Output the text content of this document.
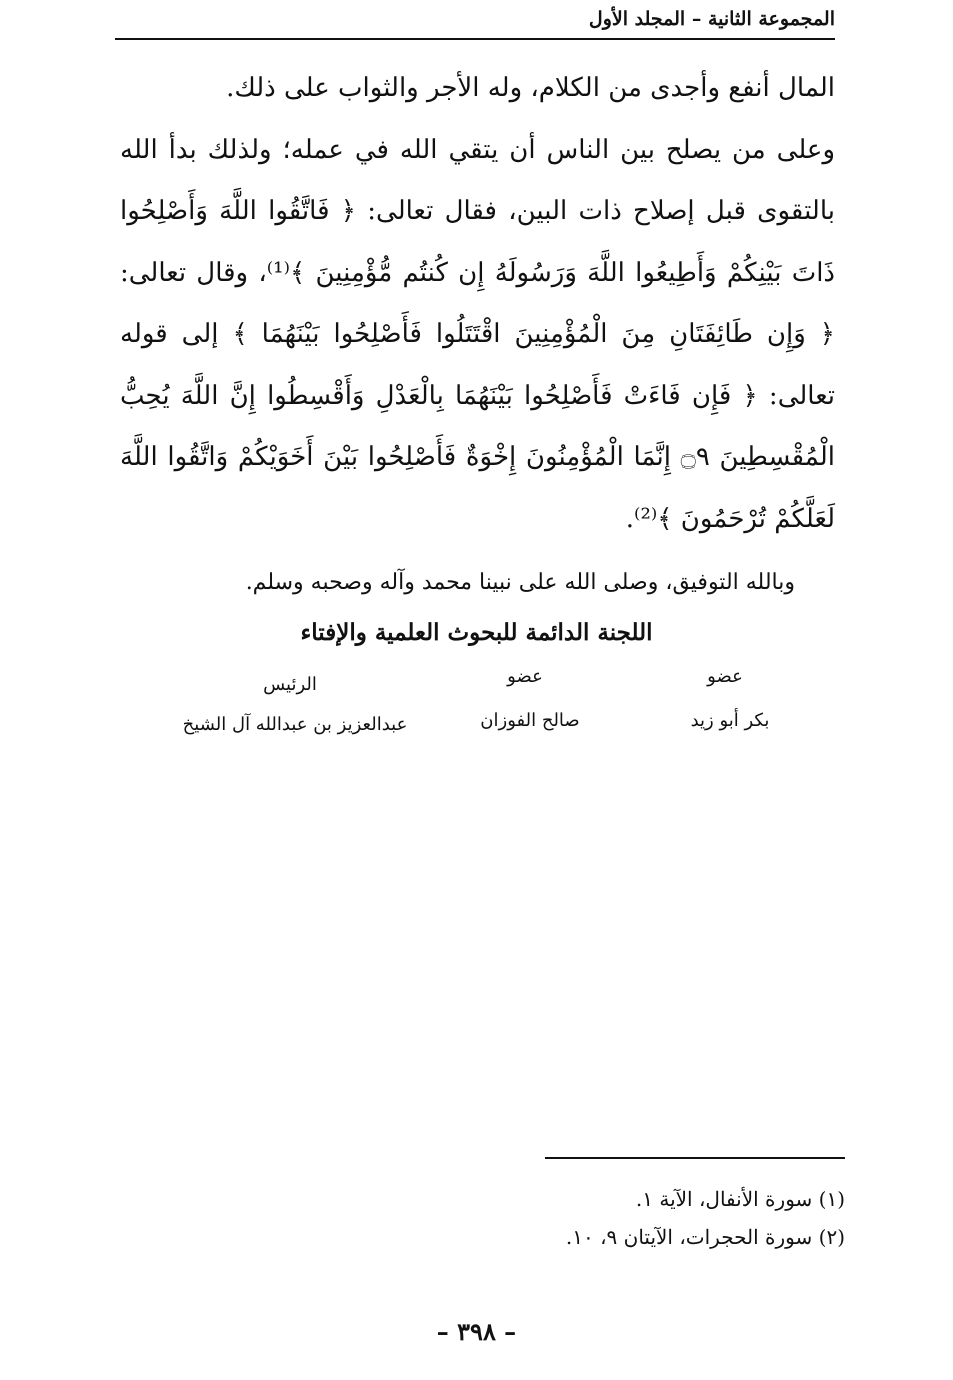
المجموعة الثانية – المجلد الأول

المال أنفع وأجدى من الكلام، وله الأجر والثواب على ذلك.

وعلى من يصلح بين الناس أن يتقي الله في عمله؛ ولذلك بدأ الله بالتقوى قبل إصلاح ذات البين، فقال تعالى: ﴿ فَاتَّقُوا اللَّهَ وَأَصْلِحُوا ذَاتَ بَيْنِكُمْ وَأَطِيعُوا اللَّهَ وَرَسُولَهُ إِن كُنتُم مُّؤْمِنِينَ ﴾⁽¹⁾، وقال تعالى: ﴿ وَإِن طَائِفَتَانِ مِنَ الْمُؤْمِنِينَ اقْتَتَلُوا فَأَصْلِحُوا بَيْنَهُمَا ﴾ إلى قوله تعالى: ﴿ فَإِن فَاءَتْ فَأَصْلِحُوا بَيْنَهُمَا بِالْعَدْلِ وَأَقْسِطُوا إِنَّ اللَّهَ يُحِبُّ الْمُقْسِطِينَ ۝٩ إِنَّمَا الْمُؤْمِنُونَ إِخْوَةٌ فَأَصْلِحُوا بَيْنَ أَخَوَيْكُمْ وَاتَّقُوا اللَّهَ لَعَلَّكُمْ تُرْحَمُونَ ﴾⁽²⁾.

وبالله التوفيق، وصلى الله على نبينا محمد وآله وصحبه وسلم.
اللجنة الدائمة للبحوث العلمية والإفتاء
عضو
عضو
الرئيس
بكر أبو زيد
صالح الفوزان
عبدالعزيز بن عبدالله آل الشيخ

(١) سورة الأنفال، الآية ١.

(٢) سورة الحجرات، الآيتان ٩، ١٠.

– ٣٩٨ –
